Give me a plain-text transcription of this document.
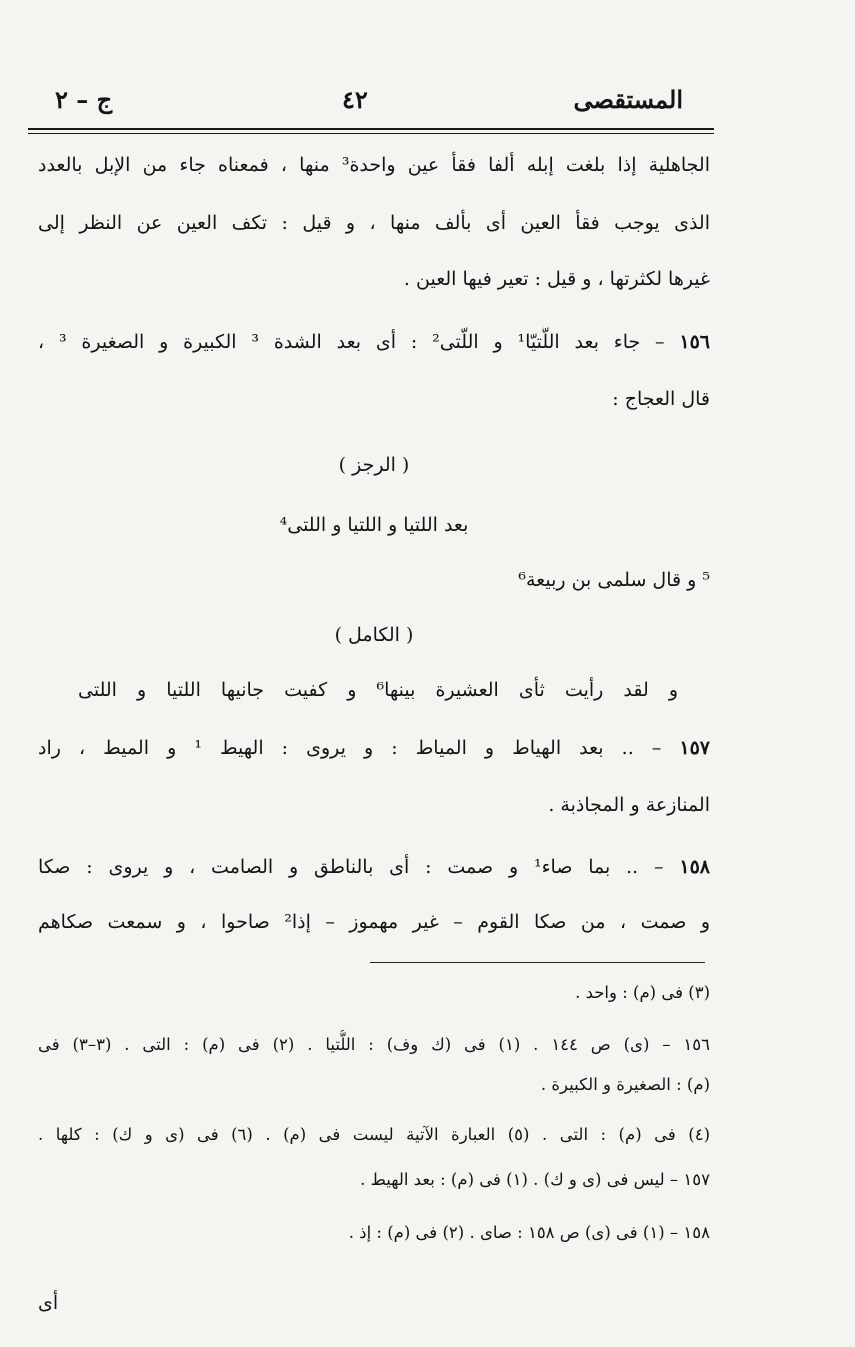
المستقصى
٤٢
ج – ٢
الجاهلية إذا بلغت إبله ألفا فقأ عين واحدة³ منها ، فمعناه جاء من الإبل بالعدد
الذى يوجب فقأ العين أى بألف منها ، و قيل : تكف العين عن النظر إلى
غيرها لكثرتها ، و قيل : تعير فيها العين .
١٥٦ – جاء بعد اللُّتيّا¹ و اللّتى² : أى بعد الشدة ³ الكبيرة و الصغيرة ³ ،
قال العجاج :
( الرجز )
بعد اللتيا و اللتيا و اللتى⁴
⁵ و قال سلمى بن ربيعة⁶
( الكامل )
و لقد رأيت ثأى العشيرة بينها⁶ و كفيت جانيها اللتيا و اللتى
١٥٧ – .. بعد الهياط و المياط : و يروى : الهيط ¹ و الميط ، راد
المنازعة و المجاذبة .
١٥٨ – .. بما صاء¹ و صمت : أى بالناطق و الصامت ، و يروى : صكا
و صمت ، من صكا القوم – غير مهموز – إذا² صاحوا ، و سمعت صكاهم
(٣) فى (م) : واحد .
١٥٦ – (ى) ص ١٤٤ . (١) فى (ك وف) : اللُّتيا . (٢) فى (م) : التى . (٣–٣) فى
(م) : الصغيرة و الكبيرة .
(٤) فى (م) : التى . (٥) العبارة الآتية ليست فى (م) . (٦) فى (ى و ك) : كلها .
١٥٧ – ليس فى (ى و ك) . (١) فى (م) : بعد الهيط .
١٥٨ – (١) فى (ى) ص ١٥٨ : صاى . (٢) فى (م) : إذ .
أى
